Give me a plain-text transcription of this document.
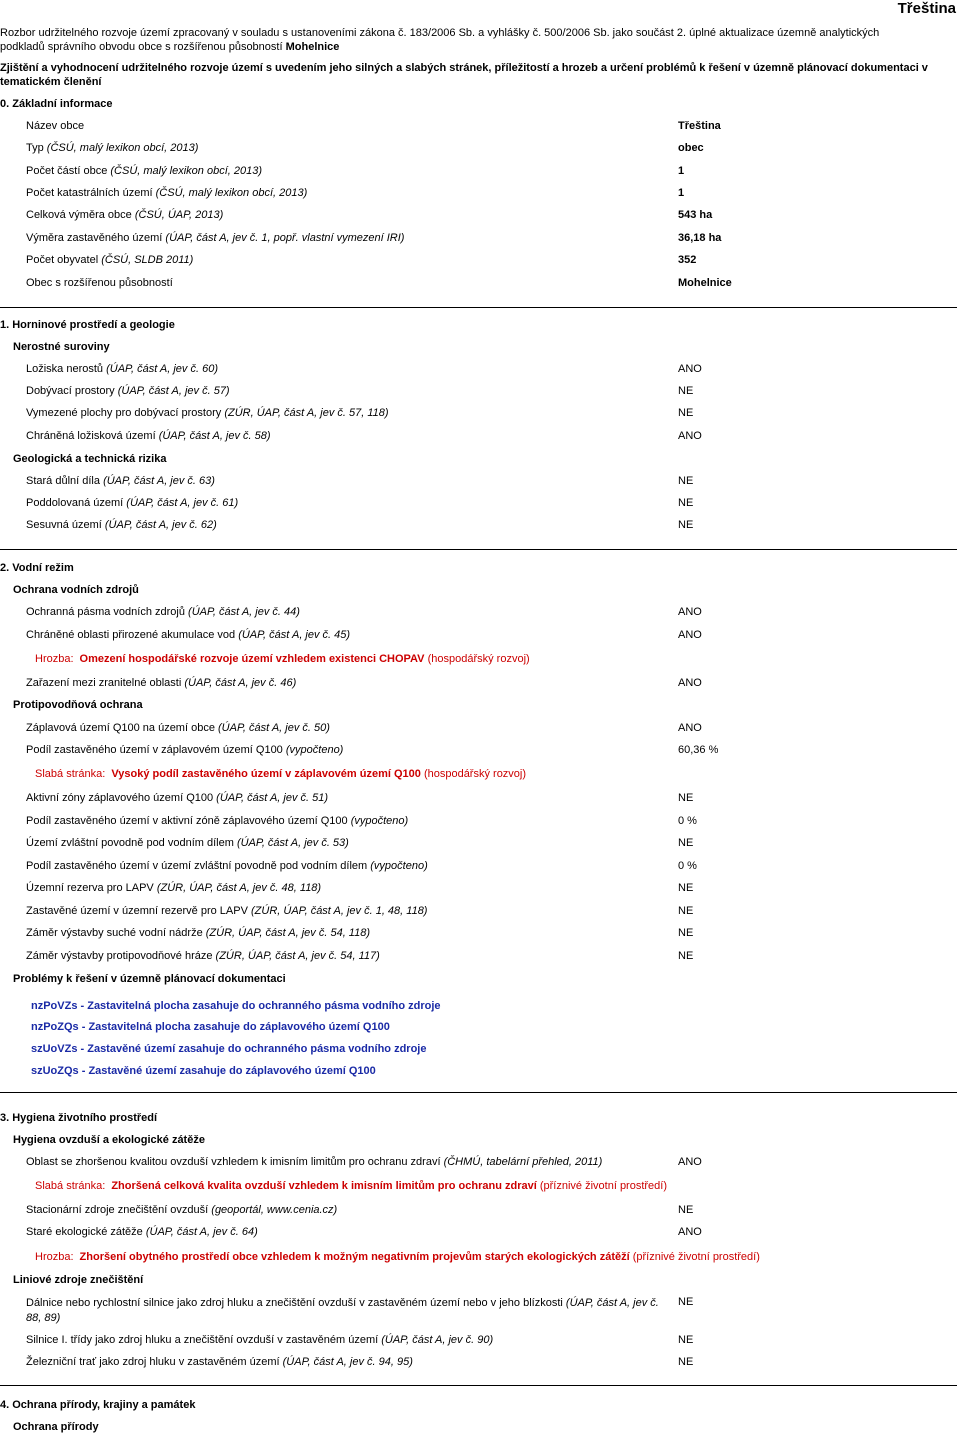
Třeština
Rozbor udržitelného rozvoje území zpracovaný v souladu s ustanoveními zákona č. 183/2006 Sb. a vyhlášky č. 500/2006 Sb. jako součást 2. úplné aktualizace územně analytických
podkladů správního obvodu obce s rozšířenou působností Mohelnice
Zjištění a vyhodnocení udržitelného rozvoje území s uvedením jeho silných a slabých stránek, příležitostí a hrozeb a určení problémů k řešení v územně plánovací dokumentaci v tematickém členění
0. Základní informace
Název obce	Třeština
Typ (ČSÚ, malý lexikon obcí, 2013)	obec
Počet částí obce (ČSÚ, malý lexikon obcí, 2013)	1
Počet katastrálních území (ČSÚ, malý lexikon obcí, 2013)	1
Celková výměra obce (ČSÚ, ÚAP, 2013)	543 ha
Výměra zastavěného území (ÚAP, část A, jev č. 1, popř. vlastní vymezení IRI)	36,18 ha
Počet obyvatel (ČSÚ, SLDB 2011)	352
Obec s rozšířenou působností	Mohelnice
1. Horninové prostředí a geologie
Nerostné suroviny
Ložiska nerostů (ÚAP, část A, jev č. 60)	ANO
Dobývací prostory (ÚAP, část A, jev č. 57)	NE
Vymezené plochy pro dobývací prostory (ZÚR, ÚAP, část A, jev č. 57, 118)	NE
Chráněná ložisková území (ÚAP, část A, jev č. 58)	ANO
Geologická a technická rizika
Stará důlní díla (ÚAP, část A, jev č. 63)	NE
Poddolovaná území (ÚAP, část A, jev č. 61)	NE
Sesuvná území (ÚAP, část A, jev č. 62)	NE
2. Vodní režim
Ochrana vodních zdrojů
Ochranná pásma vodních zdrojů (ÚAP, část A, jev č. 44)	ANO
Chráněné oblasti přirozené akumulace vod (ÚAP, část A, jev č. 45)	ANO
Hrozba: Omezení hospodářské rozvoje území vzhledem existenci CHOPAV (hospodářský rozvoj)
Zařazení mezi zranitelné oblasti (ÚAP, část A, jev č. 46)	ANO
Protipovodňová ochrana
Záplavová území Q100 na území obce (ÚAP, část A, jev č. 50)	ANO
Podíl zastavěného území v záplavovém území Q100 (vypočteno)	60,36 %
Slabá stránka: Vysoký podíl zastavěného území v záplavovém území Q100 (hospodářský rozvoj)
Aktivní zóny záplavového území Q100 (ÚAP, část A, jev č. 51)	NE
Podíl zastavěného území v aktivní zóně záplavového území Q100 (vypočteno)	0 %
Území zvláštní povodně pod vodním dílem (ÚAP, část A, jev č. 53)	NE
Podíl zastavěného území v území zvláštní povodně pod vodním dílem (vypočteno)	0 %
Územní rezerva pro LAPV (ZÚR, ÚAP, část A, jev č. 48, 118)	NE
Zastavěné území v územní rezervě pro LAPV (ZÚR, ÚAP, část A, jev č. 1, 48, 118)	NE
Záměr výstavby suché vodní nádrže (ZÚR, ÚAP, část A, jev č. 54, 118)	NE
Záměr výstavby protipovodňové hráze (ZÚR, ÚAP, část A, jev č. 54, 117)	NE
Problémy k řešení v územně plánovací dokumentaci
nzPoVZs - Zastavitelná plocha zasahuje do ochranného pásma vodního zdroje
nzPoZQs - Zastavitelná plocha zasahuje do záplavového území Q100
szUoVZs - Zastavěné území zasahuje do ochranného pásma vodního zdroje
szUoZQs - Zastavěné území zasahuje do záplavového území Q100
3. Hygiena životního prostředí
Hygiena ovzduší a ekologické zátěže
Oblast se zhoršenou kvalitou ovzduší vzhledem k imisním limitům pro ochranu zdraví (ČHMÚ, tabelární přehled, 2011)	ANO
Slabá stránka: Zhoršená celková kvalita ovzduší vzhledem k imisním limitům pro ochranu zdraví (příznivé životní prostředí)
Stacionární zdroje znečištění ovzduší (geoportál, www.cenia.cz)	NE
Staré ekologické zátěže (ÚAP, část A, jev č. 64)	ANO
Hrozba: Zhoršení obytného prostředí obce vzhledem k možným negativním projevům starých ekologických zátěží (příznivé životní prostředí)
Liniové zdroje znečištění
Dálnice nebo rychlostní silnice jako zdroj hluku a znečištění ovzduší v zastavěném území nebo v jeho blízkosti (ÚAP, část A, jev č. 88, 89)
NE
Silnice I. třídy jako zdroj hluku a znečištění ovzduší v zastavěném území (ÚAP, část A, jev č. 90)	NE
Železniční trať jako zdroj hluku v zastavěném území (ÚAP, část A, jev č. 94, 95)	NE
4. Ochrana přírody, krajiny a památek
Ochrana přírody
